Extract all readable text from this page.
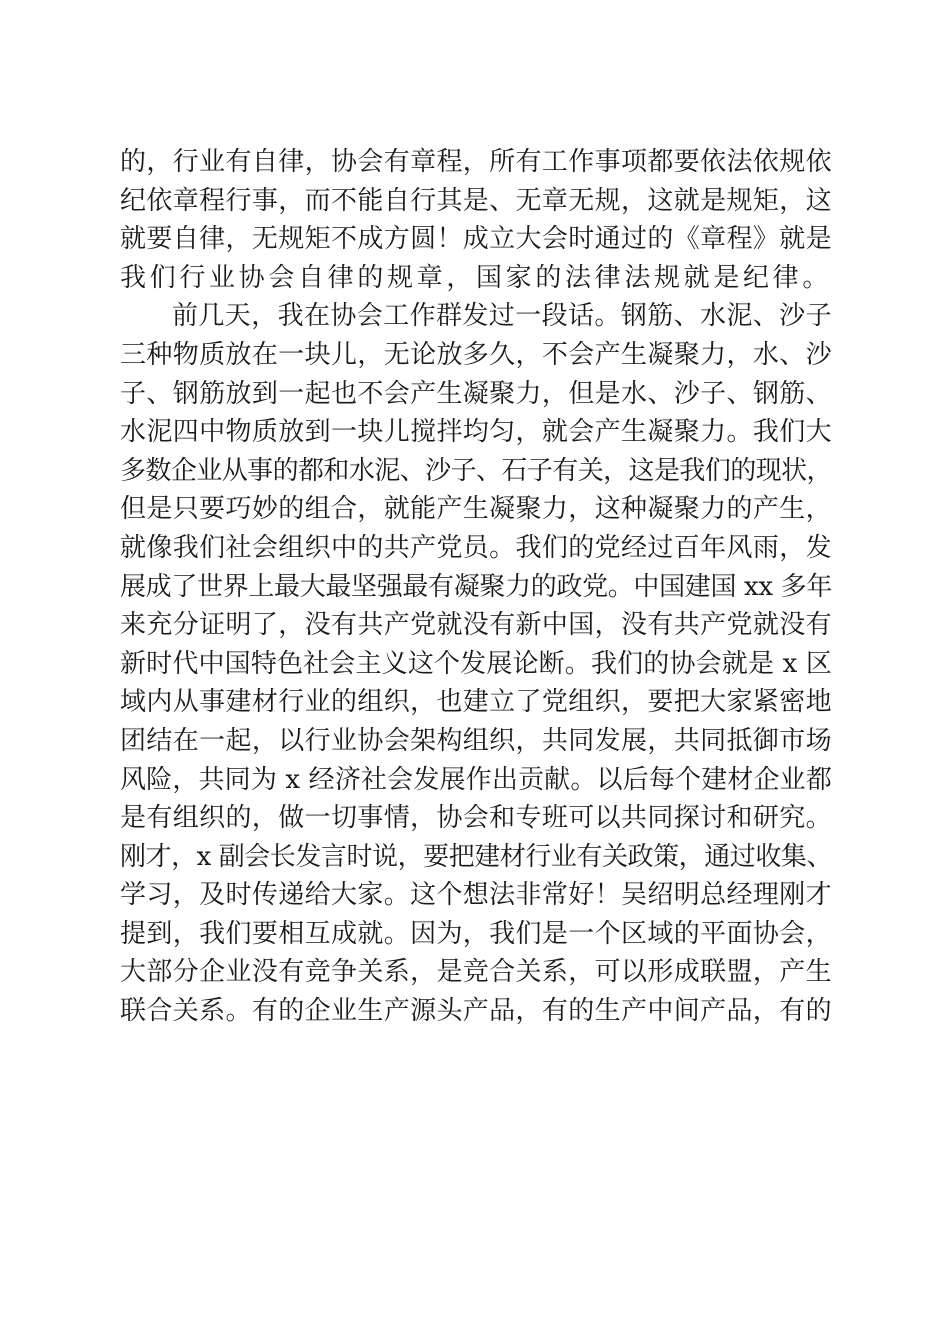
的，行业有自律，协会有章程，所有工作事项都要依法依规依
纪依章程行事，而不能自行其是、无章无规，这就是规矩，这
就要自律，无规矩不成方圆！成立大会时通过的《章程》就是
我们行业协会自律的规章，国家的法律法规就是纪律。
前几天，我在协会工作群发过一段话。钢筋、水泥、沙子
三种物质放在一块儿，无论放多久，不会产生凝聚力，水、沙
子、钢筋放到一起也不会产生凝聚力，但是水、沙子、钢筋、
水泥四中物质放到一块儿搅拌均匀，就会产生凝聚力。我们大
多数企业从事的都和水泥、沙子、石子有关，这是我们的现状，
但是只要巧妙的组合，就能产生凝聚力，这种凝聚力的产生，
就像我们社会组织中的共产党员。我们的党经过百年风雨，发
展成了世界上最大最坚强最有凝聚力的政党。中国建国 xx 多年
来充分证明了，没有共产党就没有新中国，没有共产党就没有
新时代中国特色社会主义这个发展论断。我们的协会就是 x 区
域内从事建材行业的组织，也建立了党组织，要把大家紧密地
团结在一起，以行业协会架构组织，共同发展，共同抵御市场
风险，共同为 x 经济社会发展作出贡献。以后每个建材企业都
是有组织的，做一切事情，协会和专班可以共同探讨和研究。
刚才，x 副会长发言时说，要把建材行业有关政策，通过收集、
学习，及时传递给大家。这个想法非常好！吴绍明总经理刚才
提到，我们要相互成就。因为，我们是一个区域的平面协会，
大部分企业没有竞争关系，是竞合关系，可以形成联盟，产生
联合关系。有的企业生产源头产品，有的生产中间产品，有的
